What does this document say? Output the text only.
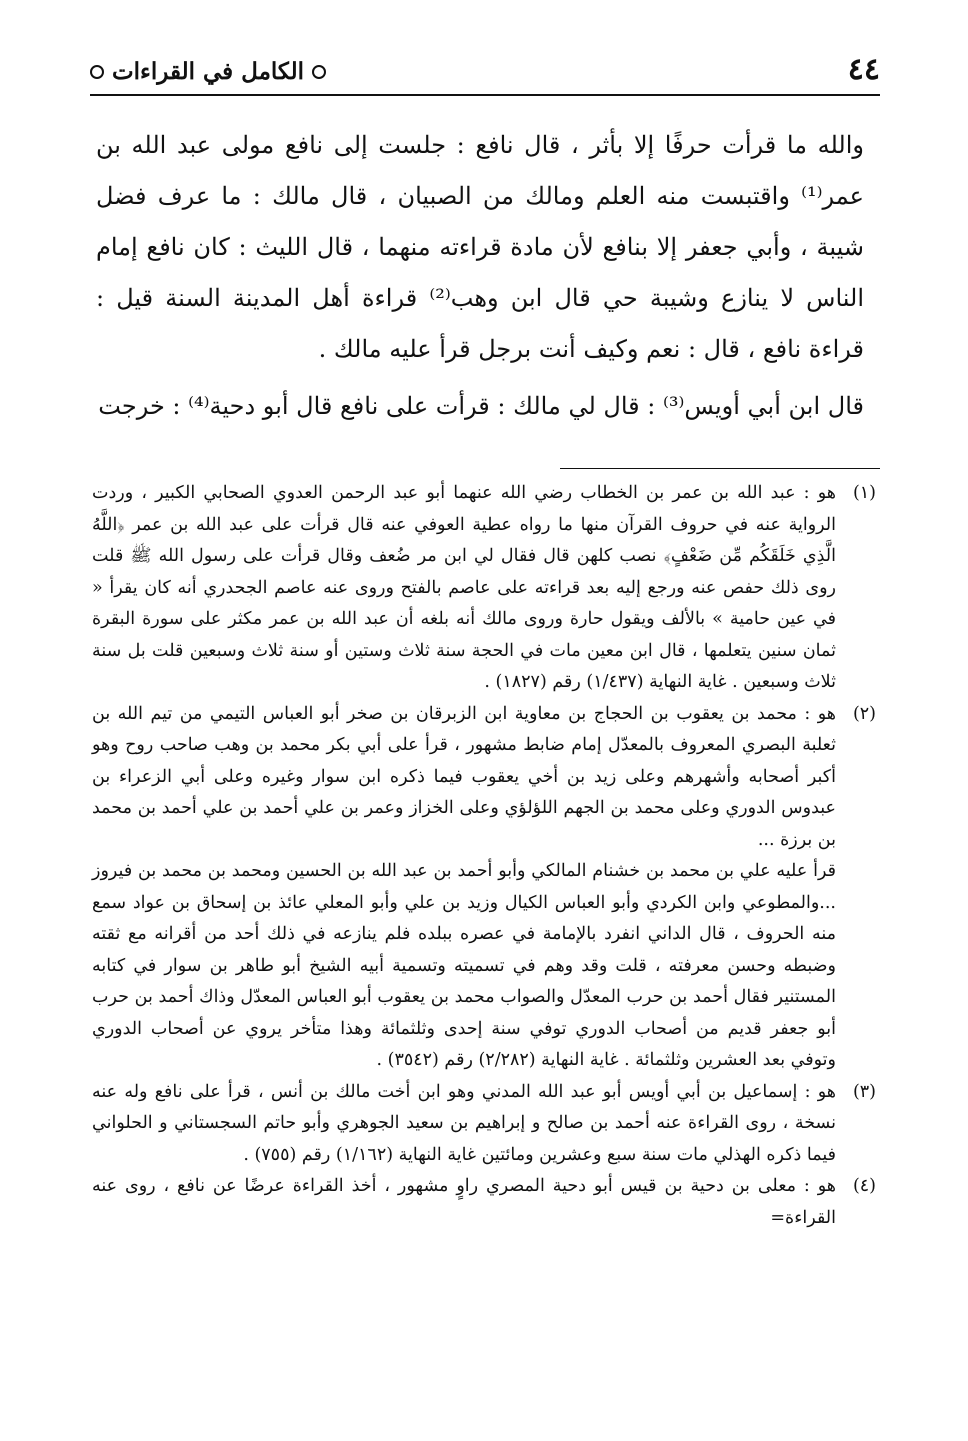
٤٤
الكامل في القراءات

والله ما قرأت حرفًا إلا بأثر ، قال نافع : جلست إلى نافع مولى عبد الله بن عمر⁽¹⁾ واقتبست منه العلم ومالك من الصبيان ، قال مالك : ما عرف فضل شيبة ، وأبي جعفر إلا بنافع لأن مادة قراءته منهما ، قال الليث : كان نافع إمام الناس لا ينازع وشيبة حي قال ابن وهب⁽²⁾ قراءة أهل المدينة السنة قيل : قراءة نافع ، قال : نعم وكيف أنت برجل قرأ عليه مالك .

قال ابن أبي أويس⁽³⁾ : قال لي مالك : قرأت على نافع قال أبو دحية⁽⁴⁾ : خرجت

(١)

هو : عبد الله بن عمر بن الخطاب رضي الله عنهما أبو عبد الرحمن العدوي الصحابي الكبير ، وردت الرواية عنه في حروف القرآن منها ما رواه عطية العوفي عنه قال قرأت على عبد الله بن عمر ﴿اللَّهُ الَّذِي خَلَقَكُم مِّن ضَعْفٍ﴾ نصب كلهن قال فقال لي ابن مر ضُعف وقال قرأت على رسول الله ﷺ قلت روى ذلك حفص عنه ورجع إليه بعد قراءته على عاصم بالفتح وروى عنه عاصم الجحدري أنه كان يقرأ « في عين حامية » بالألف ويقول حارة وروى مالك أنه بلغه أن عبد الله بن عمر مكثر على سورة البقرة ثمان سنين يتعلمها ، قال ابن معين مات في الحجة سنة ثلاث وستين أو سنة ثلاث وسبعين قلت بل سنة ثلاث وسبعين . غاية النهاية (١/٤٣٧) رقم (١٨٢٧) .

(٢)

هو : محمد بن يعقوب بن الحجاج بن معاوية ابن الزبرقان بن صخر أبو العباس التيمي من تيم الله بن ثعلبة البصري المعروف بالمعدّل إمام ضابط مشهور ، قرأ على أبي بكر محمد بن وهب صاحب روح وهو أكبر أصحابه وأشهرهم وعلى زيد بن أخي يعقوب فيما ذكره ابن سوار وغيره وعلى أبي الزعراء بن عبدوس الدوري وعلى محمد بن الجهم اللؤلؤي وعلى الخزاز وعمر بن علي أحمد بن علي أحمد بن محمد بن برزة ...

قرأ عليه علي بن محمد بن خشنام المالكي وأبو أحمد بن عبد الله بن الحسين ومحمد بن محمد بن فيروز ...والمطوعي وابن الكردي وأبو العباس الكيال وزيد بن علي وأبو المعلي عائذ بن إسحاق بن عواد سمع منه الحروف ، قال الداني انفرد بالإمامة في عصره ببلده فلم ينازعه في ذلك أحد من أقرانه مع ثقته وضبطه وحسن معرفته ، قلت وقد وهم في تسميته وتسمية أبيه الشيخ أبو طاهر بن سوار في كتابه المستنير فقال أحمد بن حرب المعدّل والصواب محمد بن يعقوب أبو العباس المعدّل وذاك أحمد بن حرب أبو جعفر قديم من أصحاب الدوري توفي سنة إحدى وثلثمائة وهذا متأخر يروي عن أصحاب الدوري وتوفي بعد العشرين وثلثمائة . غاية النهاية (٢/٢٨٢) رقم (٣٥٤٢) .

(٣)

هو : إسماعيل بن أبي أويس أبو عبد الله المدني وهو ابن أخت مالك بن أنس ، قرأ على نافع وله عنه نسخة ، روى القراءة عنه أحمد بن صالح و إبراهيم بن سعيد الجوهري وأبو حاتم السجستاني و الحلواني فيما ذكره الهذلي مات سنة سبع وعشرين ومائتين غاية النهاية (١/١٦٢) رقم (٧٥٥) .

(٤)

هو : معلى بن دحية بن قيس أبو دحية المصري راوٍ مشهور ، أخذ القراءة عرضًا عن نافع ، روى عنه القراءة=
